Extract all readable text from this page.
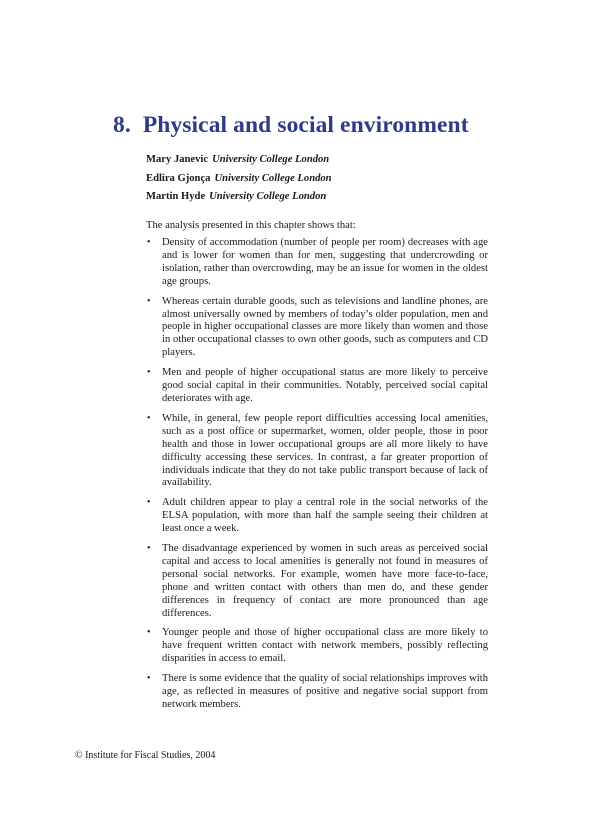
8. Physical and social environment
Mary Janevic University College London
Edlira Gjonça University College London
Martin Hyde University College London

The analysis presented in this chapter shows that:

• Density of accommodation (number of people per room) decreases with age and is lower for women than for men, suggesting that undercrowding or isolation, rather than overcrowding, may be an issue for women in the oldest age groups.
• Whereas certain durable goods, such as televisions and landline phones, are almost universally owned by members of today’s older population, men and people in higher occupational classes are more likely than women and those in other occupational classes to own other goods, such as computers and CD players.
• Men and people of higher occupational status are more likely to perceive good social capital in their communities. Notably, perceived social capital deteriorates with age.
• While, in general, few people report difficulties accessing local amenities, such as a post office or supermarket, women, older people, those in poor health and those in lower occupational groups are all more likely to have difficulty accessing these services. In contrast, a far greater proportion of individuals indicate that they do not take public transport because of lack of availability.
• Adult children appear to play a central role in the social networks of the ELSA population, with more than half the sample seeing their children at least once a week.
• The disadvantage experienced by women in such areas as perceived social capital and access to local amenities is generally not found in measures of personal social networks. For example, women have more face-to-face, phone and written contact with others than men do, and these gender differences in frequency of contact are more pronounced than age differences.
• Younger people and those of higher occupational class are more likely to have frequent written contact with network members, possibly reflecting disparities in access to email.
• There is some evidence that the quality of social relationships improves with age, as reflected in measures of positive and negative social support from network members.

© Institute for Fiscal Studies, 2004
